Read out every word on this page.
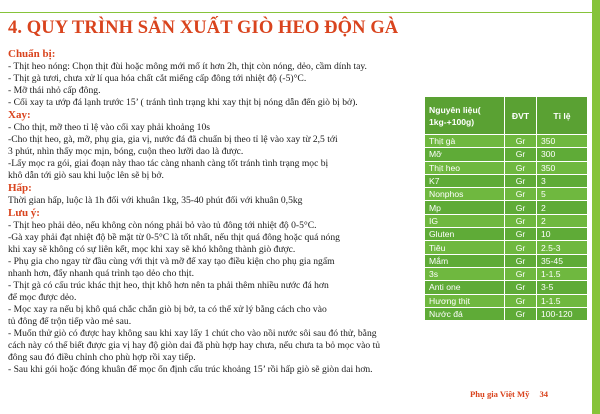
4. QUY TRÌNH SẢN XUẤT GIÒ HEO ĐỘN GÀ
Chuẩn bị:
- Thịt heo nóng: Chọn thịt đùi hoặc mông mới mổ ít hơn 2h, thịt còn nóng, dẻo, cầm dính tay.
- Thịt gà tươi, chưa xử lí qua hóa chất cắt miếng cấp đông tới nhiệt độ (-5)°C.
- Mỡ thái nhỏ cấp đông.
- Cối xay ta ướp đá lạnh trước 15’ ( tránh tình trạng khi xay thịt bị nóng dẫn đến giò bị bở).
Xay:
- Cho thịt, mỡ theo tỉ lệ vào cối xay phải khoảng 10s
-Cho thịt heo, gà, mỡ, phụ gia, gia vị, nước đá đã chuẩn bị theo tỉ lệ vào xay từ 2,5 tới
3 phút, nhìn thấy mọc mịn, bóng, cuộn theo lưỡi dao là được.
-Lấy mọc ra gói, giai đoạn này thao tác càng nhanh càng tốt tránh tình trạng mọc bị
khô dẫn tới giò sau khi luộc lên sẽ bị bở.
Hấp:
Thời gian hấp, luộc là 1h đối với khuân 1kg, 35-40 phút đối với khuân 0,5kg
Lưu ý:
- Thịt heo phải dẻo, nếu không còn nóng phải bỏ vào tủ đông tới nhiệt độ 0-5°C.
-Gà xay phải đạt nhiệt độ bề mặt từ 0-5°C là tốt nhất, nếu thịt quá đông hoặc quá nóng
khi xay sẽ không có sự liên kết, mọc khi xay sẽ khó không thành giò được.
- Phụ gia cho ngay từ đầu cùng với thịt và mỡ để xay tạo điều kiện cho phụ gia ngấm
nhanh hơn, đẩy nhanh quá trình tạo dẻo cho thịt.
- Thịt gà có cấu trúc khác thịt heo, thịt khô hơn nên ta phải thêm nhiều nước đá hơn
để mọc được dẻo.
- Mọc xay ra nếu bị khô quá chắc chắn giò bị bở, ta có thể xử lý bằng cách cho vào
tủ đông để trộn tiếp vào mẻ sau.
- Muốn thử giò có được hay không sau khi xay lấy 1 chút cho vào nồi nước sôi sau đó thử, bằng
cách này có thể biết được gia vị hay độ giòn dai đã phù hợp hay chưa, nếu chưa ta bỏ mọc vào tủ
đông sau đó điều chỉnh cho phù hợp rồi xay tiếp.
- Sau khi gói hoặc đóng khuân để mọc ổn định cấu trúc khoảng 15’ rồi hấp giò sẽ giòn dai hơn.
Nguyên liệu( 1kg-+100g)	ĐVT	Tỉ lệ
Thịt gà	Gr	350
Mỡ	Gr	300
Thịt heo	Gr	350
K7	Gr	3
Nonphos	Gr	5
Mp	Gr	2
IG	Gr	2
Gluten	Gr	10
Tiêu	Gr	2.5-3
Mắm	Gr	35-45
3s	Gr	1-1.5
Anti one	Gr	3-5
Hương thịt	Gr	1-1.5
Nước đá	Gr	100-120
Phụ gia Việt Mỹ 34
